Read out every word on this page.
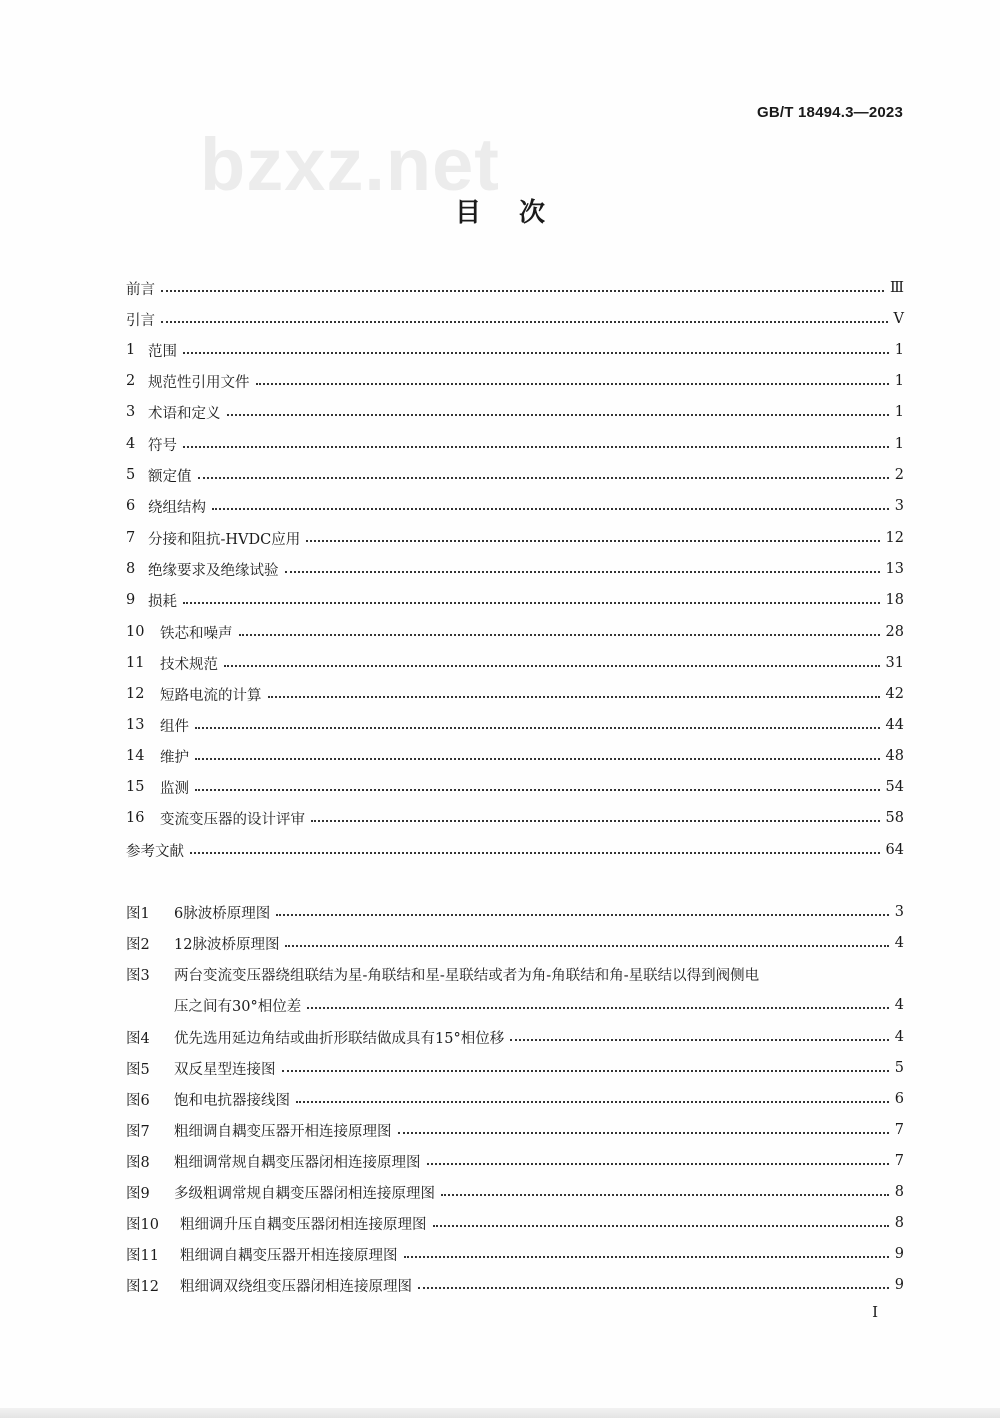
bzxz.net
GB/T 18494.3—2023
目次
前言	Ⅲ
引言	V
1 范围	1
2 规范性引用文件	1
3 术语和定义	1
4 符号	1
5 额定值	2
6 绕组结构	3
7 分接和阻抗-HVDC应用	12
8 绝缘要求及绝缘试验	13
9 损耗	18
10	铁芯和噪声	28
11	技术规范	31
12	短路电流的计算	42
13	组件	44
14	维护	48
15	监测	54
16	变流变压器的设计评审	58
参考文献	64
图1	6脉波桥原理图	3
图2	12脉波桥原理图	4
图3	两台变流变压器绕组联结为星-角联结和星-星联结或者为角-角联结和角-星联结以得到阀侧电
压之间有30°相位差	4
图4	优先选用延边角结或曲折形联结做成具有15°相位移	4
图5	双反星型连接图	5
图6	饱和电抗器接线图	6
图7	粗细调自耦变压器开相连接原理图	7
图8	粗细调常规自耦变压器闭相连接原理图	7
图9	多级粗调常规自耦变压器闭相连接原理图	8
图10	粗细调升压自耦变压器闭相连接原理图	8
图11	粗细调自耦变压器开相连接原理图	9
图12	粗细调双绕组变压器闭相连接原理图	9
I
